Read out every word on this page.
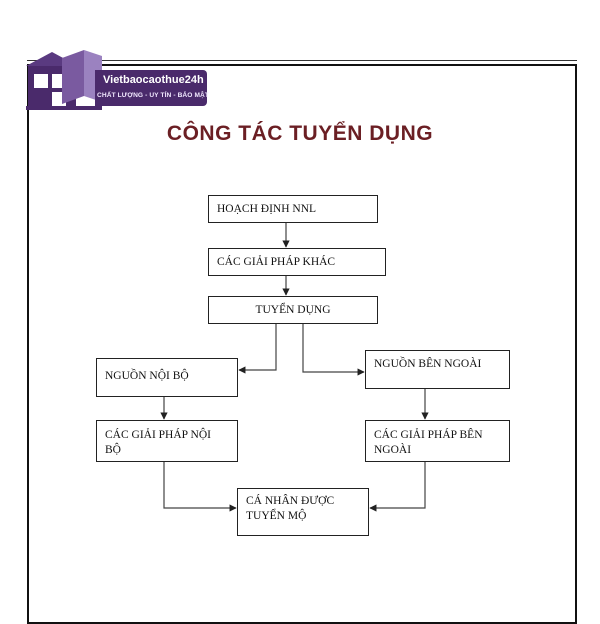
Vietbaocaothue24h
CHẤT LƯỢNG - UY TÍN - BẢO MẬT
CÔNG TÁC TUYỂN DỤNG
HOẠCH ĐỊNH NNL
CÁC GIẢI PHÁP KHÁC
TUYỂN DỤNG
NGUỒN NỘI BỘ
NGUỒN BÊN NGOÀI
CÁC GIẢI PHÁP NỘI
BỘ
CÁC GIẢI PHÁP BÊN
NGOÀI
CÁ NHÂN ĐƯỢC
TUYỂN MỘ
